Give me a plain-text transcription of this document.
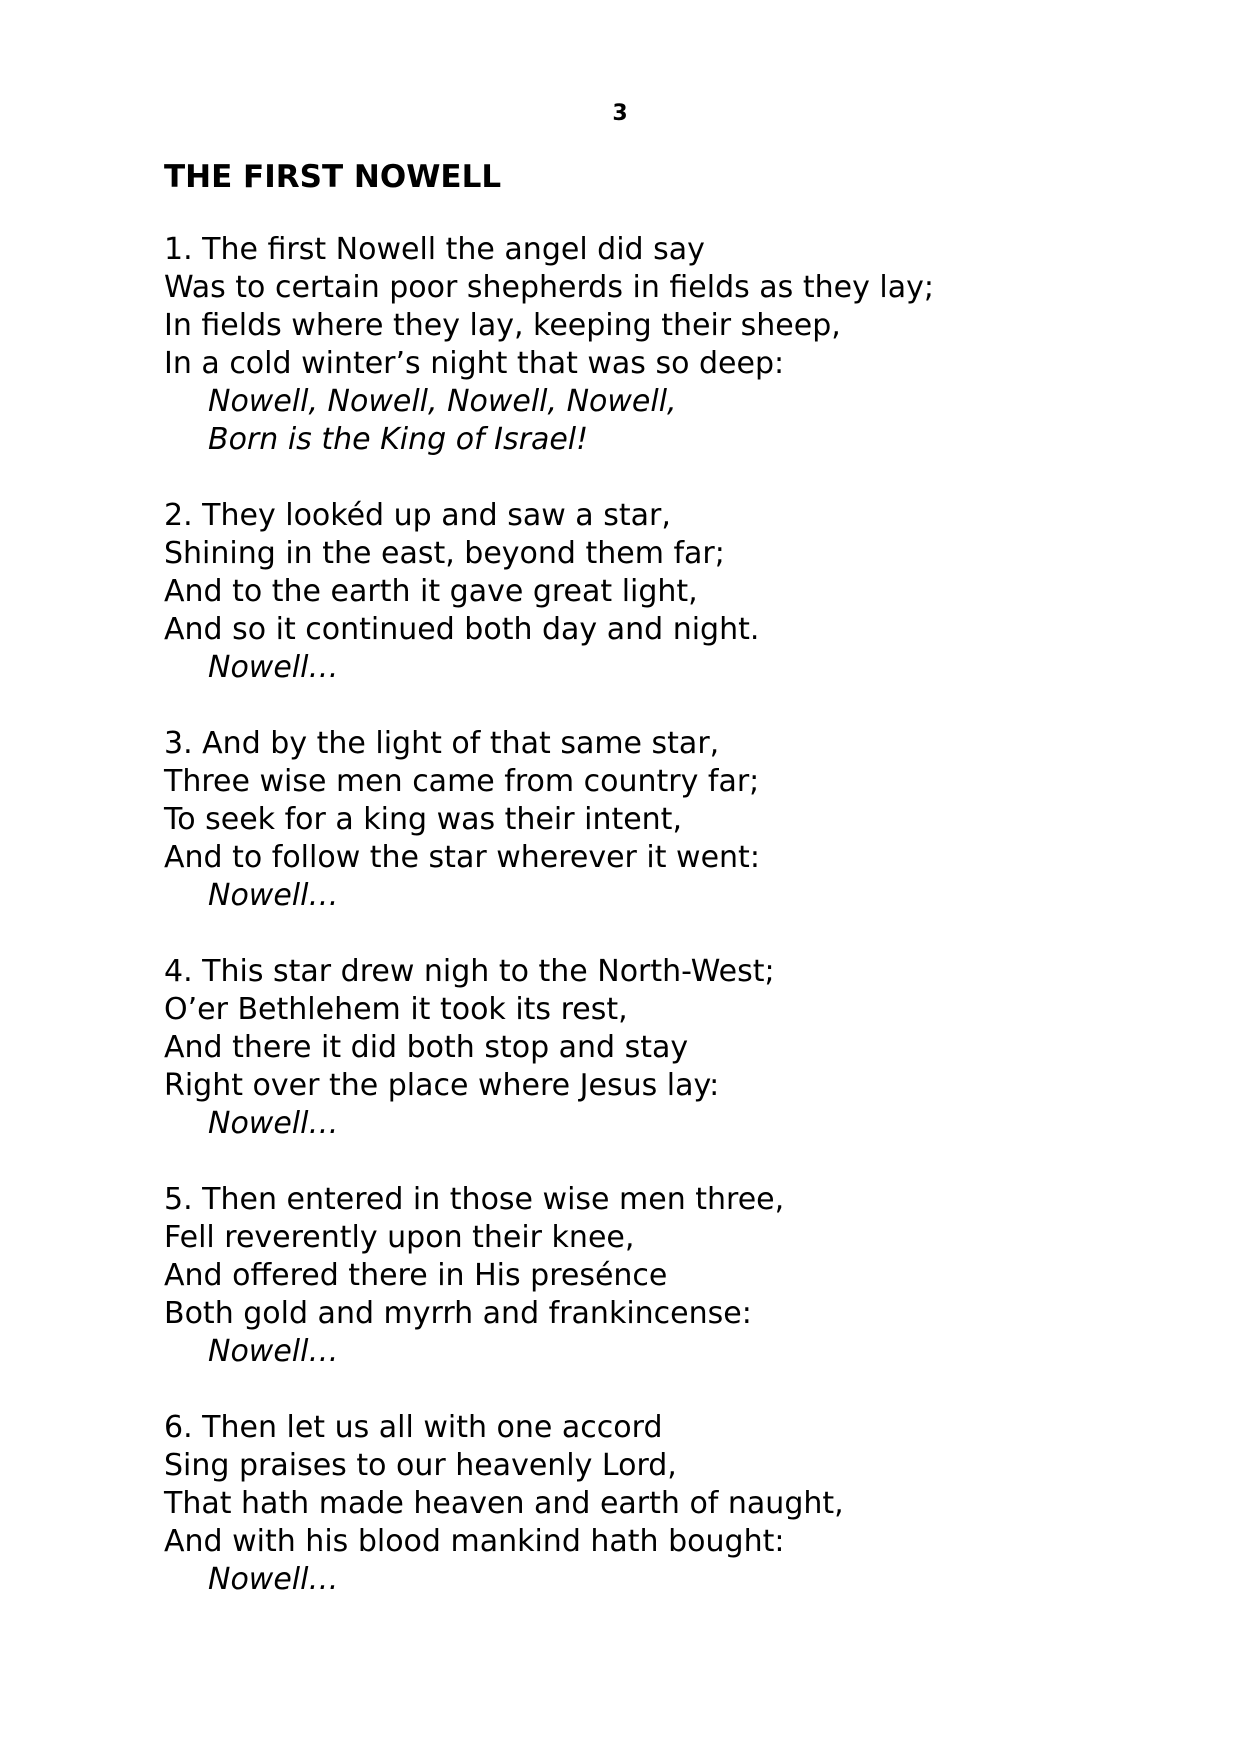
3
THE FIRST NOWELL
1. The first Nowell the angel did say
Was to certain poor shepherds in fields as they lay;
In fields where they lay, keeping their sheep,
In a cold winter’s night that was so deep:
Nowell, Nowell, Nowell, Nowell,
Born is the King of Israel!
2. They lookéd up and saw a star,
Shining in the east, beyond them far;
And to the earth it gave great light,
And so it continued both day and night.
Nowell…
3. And by the light of that same star,
Three wise men came from country far;
To seek for a king was their intent,
And to follow the star wherever it went:
Nowell…
4. This star drew nigh to the North-West;
O’er Bethlehem it took its rest,
And there it did both stop and stay
Right over the place where Jesus lay:
Nowell…
5. Then entered in those wise men three,
Fell reverently upon their knee,
And offered there in His presénce
Both gold and myrrh and frankincense:
Nowell…
6. Then let us all with one accord
Sing praises to our heavenly Lord,
That hath made heaven and earth of naught,
And with his blood mankind hath bought:
Nowell…
